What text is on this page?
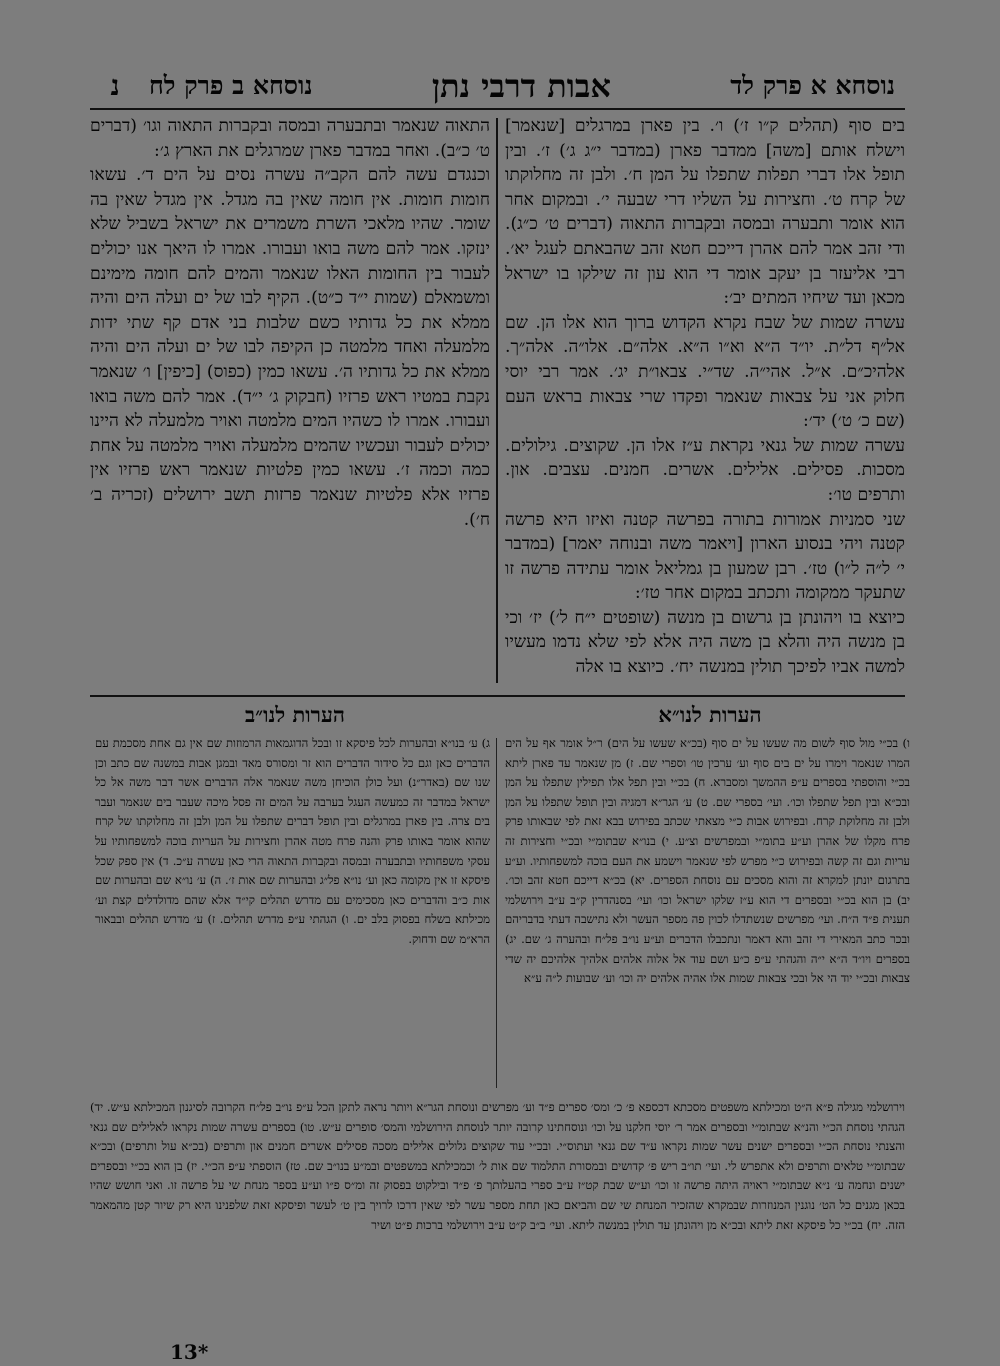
נוסחא א פרק לד
אבות דרבי נתן
נוסחא ב פרק לח
נ

בים סוף (תהלים ק״ו ז׳) ו׳. בין פארן במרגלים [שנאמר] וישלח אותם [משה] ממדבר פארן (במדבר י״ג ג׳) ז׳. ובין תופל אלו דברי תפלות שתפלו על המן ח׳. ולבן זה מחלוקתו של קרח ט׳. וחצירות על השליו דרי שבעה י׳. ובמקום אחר הוא אומר ותבערה ובמסה ובקברות התאוה (דברים ט׳ כ״ג). ודי זהב אמר להם אהרן דייכם חטא זהב שהבאתם לעגל יא׳. רבי אליעזר בן יעקב אומר די הוא עון זה שילקו בו ישראל מכאן ועד שיחיו המתים יב׳:

עשרה שמות של שבח נקרא הקדוש ברוך הוא אלו הן. שם אל״ף דל״ת. יו״ד ה״א וא״ו ה״א. אלה״ם. אלו״ה. אלה״ך. אלהיכ״ם. א״ל. אהי״ה. שד״י. צבאו״ת יג׳. אמר רבי יוסי חלוק אני על צבאות שנאמר ופקדו שרי צבאות בראש העם (שם כ׳ ט׳) יד׳:

עשרה שמות של גנאי נקראת ע״ז אלו הן. שקוצים. גילולים. מסכות. פסילים. אלילים. אשרים. חמנים. עצבים. און. ותרפים טו׳:

שני סמניות אמורות בתורה בפרשה קטנה ואיזו היא פרשה קטנה ויהי בנסוע הארון [ויאמר משה ובנוחה יאמר] (במדבר י׳ ל״ה ל״ו) טז׳. רבן שמעון בן גמליאל אומר עתידה פרשה זו שתעקר ממקומה ותכתב במקום אחר טז׳:

כיוצא בו ויהונתן בן גרשום בן מנשה (שופטים י״ח ל׳) יז׳ וכי בן מנשה היה והלא בן משה היה אלא לפי שלא נדמו מעשיו למשה אביו לפיכך תולין במנשה יח׳. כיוצא בו אלה

התאוה שנאמר ובתבערה ובמסה ובקברות התאוה וגו׳ (דברים ט׳ כ״ב). ואחר במדבר פארן שמרגלים את הארץ ג׳:

וכנגדם עשה להם הקב״ה עשרה נסים על הים ד׳. עשאו חומות חומות. אין חומה שאין בה מגדל. אין מגדל שאין בה שומר. שהיו מלאכי השרת משמרים את ישראל בשביל שלא ינזקו. אמר להם משה בואו ועבורו. אמרו לו היאך אנו יכולים לעבור בין החומות האלו שנאמר והמים להם חומה מימינם ומשמאלם (שמות י״ד כ״ט). הקיף לבו של ים ועלה הים והיה ממלא את כל גדותיו כשם שלבות בני אדם קף שתי ידות מלמעלה ואחד מלמטה כן הקיפה לבו של ים ועלה הים והיה ממלא את כל גדותיו ה׳. עשאו כמין (כפוס) [כיפין] ו׳ שנאמר נקבת במטיו ראש פרזיו (חבקוק ג׳ י״ד). אמר להם משה בואו ועבורו. אמרו לו כשהיו המים מלמטה ואויר מלמעלה לא היינו יכולים לעבור ועכשיו שהמים מלמעלה ואויר מלמטה על אחת כמה וכמה ז׳. עשאו כמין פלטיות שנאמר ראש פרזיו אין פרזיו אלא פלטיות שנאמר פרזות תשב ירושלים (זכריה ב׳ ח׳).

הערות לנו״א
הערות לנו״ב
ו) בכ״י מול סוף לשום מה שעשו על ים סוף (בכ״א שעשו על הים) ר״ל אומר אף על הים המרו שנאמר וימרו על ים בים סוף וע׳ ערכין טו׳ וספרי שם. ז) מן שנאמר עד פארן ליתא בכ״י והוספתי בספרים ע״פ ההמשך ומסברא. ח) בכ״י ובין תפל אלו תפילין שתפלו על המן ובכ״א ובין תפל שתפלו וכו׳. ועי׳ בספרי שם. ט) ע׳ הגר״א דמגיה ובין תופל שתפלו על המן ולבן זה מחלוקת קרח. ובפירוש אבות כ״י מצאתי שכתב בפירוש בבא זאת לפי שבאותו פרק פרח מקלו של אהרן וע״ע בתומ״י ובמפרשים וצ״ע. י) בנו״א שבתומ״י ובכ״י וחצירות זה עריות וגם זה קשה ובפירוש כ״י מפרש לפי שנאמר וישמע את העם בוכה למשפחותיו. וע״ע בתרגום יונתן למקרא זה והוא מסכים עם נוסחת הספרים. יא) בכ״א דייכם חטא זהב וכו׳. יב) בן הוא בכ״י ובספרים די הוא ע״ז שלקו ישראל וכו׳ ועי׳ בסנהדרין ק״ב ע״ב וירושלמי תענית פ״ד ה״ח. ועי׳ מפרשים שנשתדלו לכוין פה מספר העשר ולא נתישבה דעתי בדבריהם ובכר כתב המאירי די זהב והא דאמר ונתכבלו הדברים וע״ע נו״ב פל״ח ובהערה ג׳ שם. יג) בספרים ויו״ד ה״א י״ה והגהתי ע״פ כ״ע ושם עוד אל אלוה אלהים אלהיך אלהיכם יה שדי צבאות ובכ״י יוד הי אל ובכי צבאות שמות אלו אהיה אלהים יה וכו׳ וע׳ שבועות ל״ה ע״א
ג) ע׳ בנו״א ובהערות לכל פיסקא זו ובכל הדוגמאות הרמוזות שם אין גם אחת מסכמת עם הדברים כאן וגם כל סידור הדברים הוא זר ומסורס מאד ובמגן אבות במשנה שם כתב וכן שנו שם (באדר״נ) ועל כולן הוכיחן משה שנאמר אלה הדברים אשר דבר משה אל כל ישראל במדבר זה כמעשה העגל בערבה על המים זה פסל מיכה שעבר בים שנאמר ועבר בים צרה. בין פארן במרגלים ובין תופל דברים שתפלו על המן ולבן זה מחלוקתו של קרח שהוא אומר באותו פרק והנה פרח מטה אהרן וחצירות על העריות בוכה למשפחותיו על עסקי משפחותיו ובתבערה ובמסה ובקברות התאוה הרי כאן עשרה ע״כ. ד) אין ספק שכל פיסקא זו אין מקומה כאן וע׳ נו״א פל״ג ובהערות שם אות ז׳. ה) ע׳ נו״א שם ובהערות שם אות כ״ב והדברים כאן מסכימים עם מדרש תהלים קי״ד אלא שהם מדולדלים קצת וע׳ מכילתא בשלח בפסוק בלב ים. ו) הגהתי ע״פ מדרש תהלים. ז) ע׳ מדרש תהלים ובבאור הרא״מ שם ודחוק.
וירושלמי מגילה פ״א ה״ט ומכילתא משפטים מסכתא דכספא פ׳ כ׳ ומס׳ ספרים פ״ד וע׳ מפרשים ונוסחת הגר״א ויותר נראה לתקן הכל ע״פ נו״ב פל״ח הקרובה לסיגנון המכילתא ע״ש. יד) הגהתי נוסחת הכ״י והנ״א שבתומ״י ובספרים אמר ר׳ יוסי חלקנו על וכו׳ ונוסחתינו קרובה יותר לנוסחת הירושלמי והמס׳ סופרים ע״ש. טו) בספרים עשרה שמות נקראו לאלילים שם גנאי והצנתי נוסחת הכ״י ובספרים ישנים עשר שמות נקראו ע״ד שם גנאי ועתוס״י. ובכ״י עוד שקוצים גלולים אלילים מסכה פסילים אשרים חמנים און ותרפים (בכ״א עול ותרפים) ובכ״א שבתומ״י טלאים ותרפים ולא אתפרש לי. ועי׳ תו״ב ריש פ׳ קדושים ובמסורת התלמוד שם אות ל׳ וכמכילתא במשפטים ובמ״ע בנו״ב שם. טז) הוספתי ע״פ הכ״י. יז) בן הוא בכ״י ובספרים ישנים ונחמה ע׳ נ״א שבתומ״י ראויה היתה פרשה זו וכו׳ וע״ש שבת קט״ז ע״ב ספרי בהעלותך פ׳ פ״ד ובילקוט בפסוק זה ומ״ס פ״ו וע״ע בספר מנחת שי על פרשה זו. ואני חושש שהיו בכאן מגנים כל הט׳ נוגנין המנוזרות שבמקרא שהזכיר המנחת שי שם והביאם כאן תחת מספר עשר לפי שאין דרכו לרויך בין ט׳ לעשר ופיסקא זאת שלפנינו היא רק שיור קטן מהמאמר הזה. יח) בכ״י כל פיסקא זאת ליתא ובכ״א מן ויהונתן עד תולין במנשה ליתא. ועי׳ ב״ב ק״ט ע״ב וירושלמי ברכות פ״ט ושיר
13*
